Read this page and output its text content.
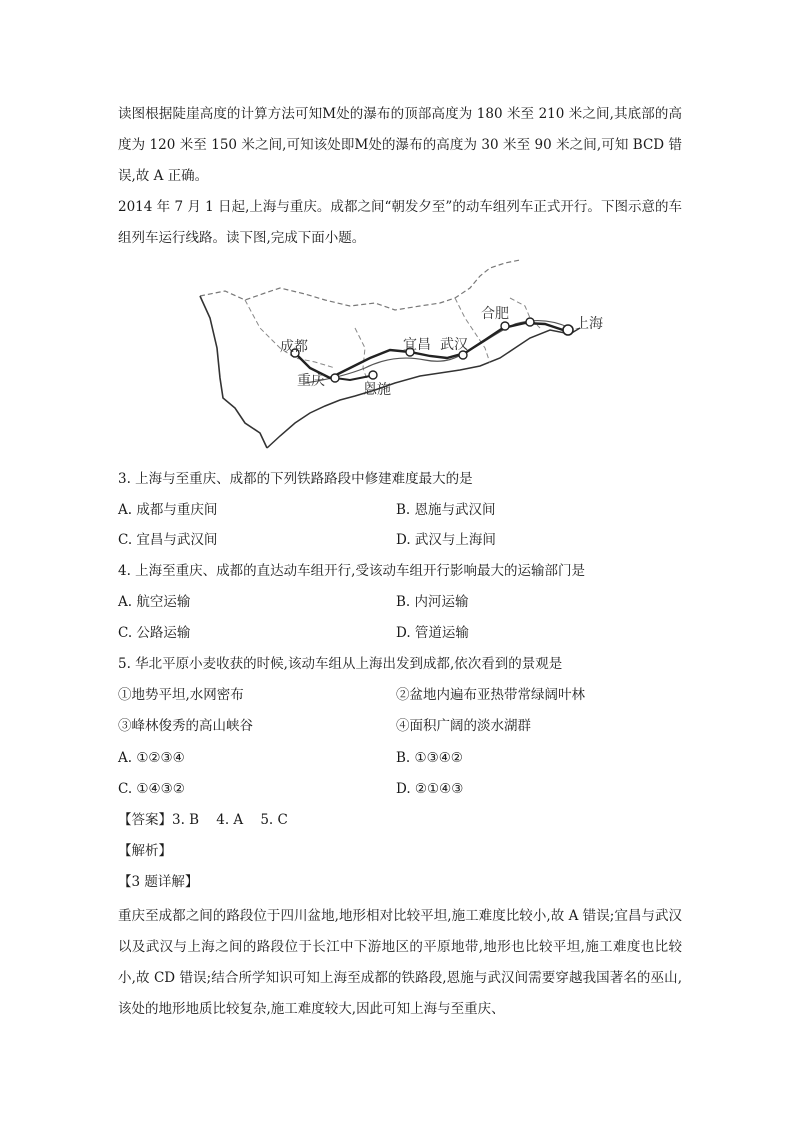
读图根据陡崖高度的计算方法可知M处的瀑布的顶部高度为 180 米至 210 米之间,其底部的高度为 120 米至 150 米之间,可知该处即M处的瀑布的高度为 30 米至 90 米之间,可知 BCD 错误,故 A 正确。
2014 年 7 月 1 日起,上海与重庆。成都之间“朝发夕至”的动车组列车正式开行。下图示意的车组列车运行线路。读下图,完成下面小题。
成都
重庆
恩施
宜昌 武汉
合肥
上海
3. 上海与至重庆、成都的下列铁路路段中修建难度最大的是
A. 成都与重庆间	B. 恩施与武汉间
C. 宜昌与武汉间	D. 武汉与上海间
4. 上海至重庆、成都的直达动车组开行,受该动车组开行影响最大的运输部门是
A. 航空运输	B. 内河运输
C. 公路运输	D. 管道运输
5. 华北平原小麦收获的时候,该动车组从上海出发到成都,依次看到的景观是
①地势平坦,水网密布	②盆地内遍布亚热带常绿阔叶林
③峰林俊秀的高山峡谷	④面积广阔的淡水湖群
A. ①②③④	B. ①③④②
C. ①④③②	D. ②①④③
【答案】3. B    4. A    5. C
【解析】
【3 题详解】
重庆至成都之间的路段位于四川盆地,地形相对比较平坦,施工难度比较小,故 A 错误;宜昌与武汉以及武汉与上海之间的路段位于长江中下游地区的平原地带,地形也比较平坦,施工难度也比较小,故 CD 错误;结合所学知识可知上海至成都的铁路段,恩施与武汉间需要穿越我国著名的巫山,该处的地形地质比较复杂,施工难度较大,因此可知上海与至重庆、
